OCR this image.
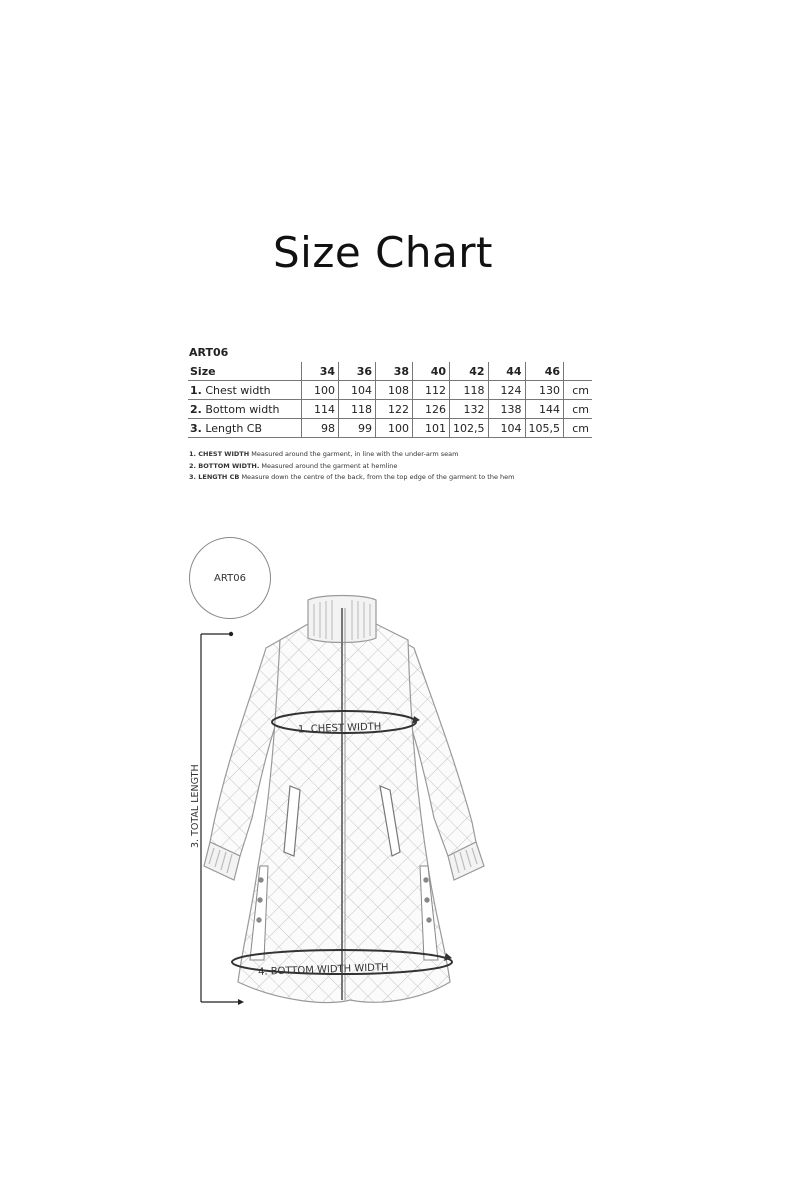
Size Chart
ART06
Size	34	36	38	40	42	44	46	
1. Chest width	100	104	108	112	118	124	130	cm
2. Bottom width	114	118	122	126	132	138	144	cm
3. Length CB	98	99	100	101	102,5	104	105,5	cm
1. CHEST WIDTH Measured around the garment, in line with the under-arm seam
2. BOTTOM WIDTH. Measured around the garment at hemline
3. LENGTH CB Measure down the centre of the back, from the top edge of the garment to the hem
ART06
3. TOTAL LENGTH
1. CHEST WIDTH
4. BOTTOM WIDTH WIDTH
